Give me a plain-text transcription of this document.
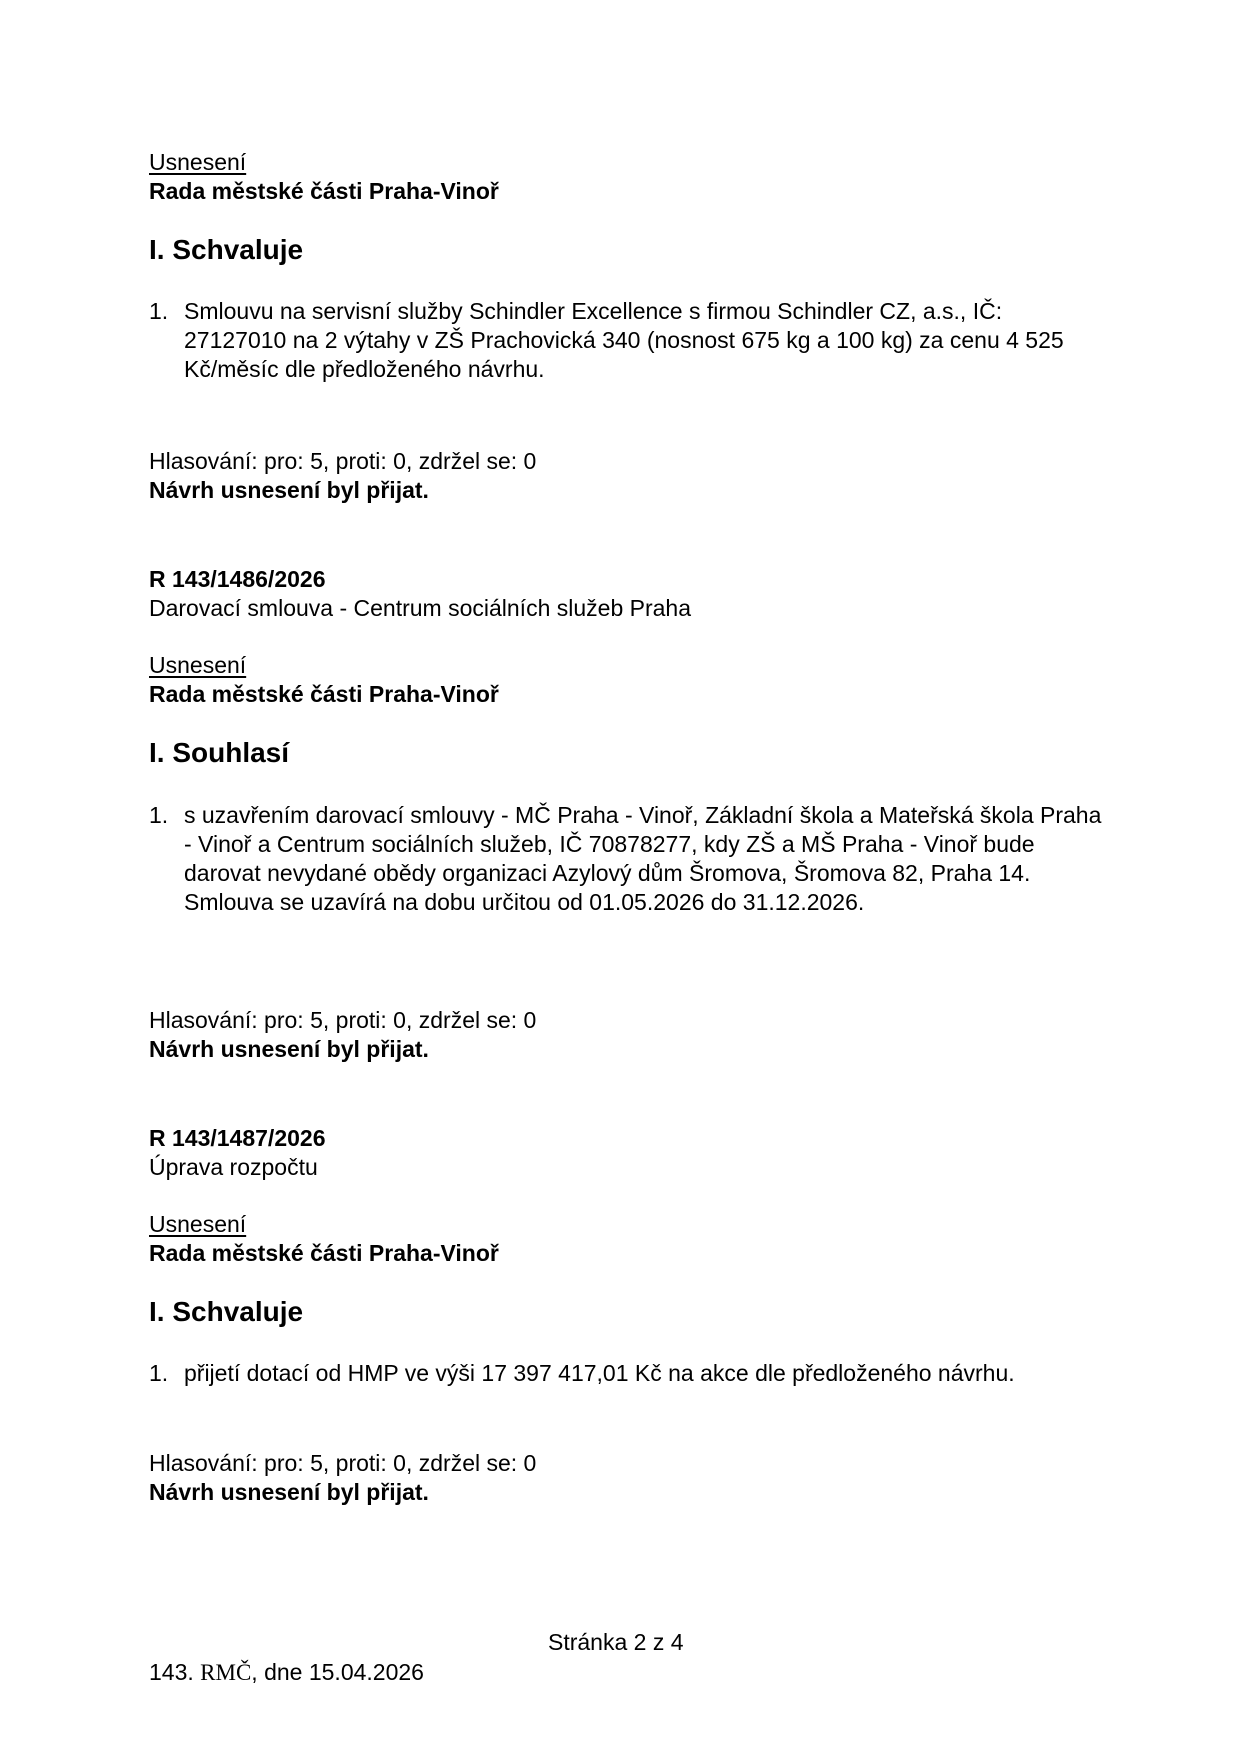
Usnesení
Rada městské části Praha-Vinoř
I. Schvaluje
1. Smlouvu na servisní služby Schindler Excellence s firmou Schindler CZ, a.s., IČ: 27127010 na 2 výtahy v ZŠ Prachovická 340 (nosnost 675 kg a 100 kg) za cenu 4 525 Kč/měsíc dle předloženého návrhu.
Hlasování: pro: 5, proti: 0, zdržel se: 0
Návrh usnesení byl přijat.
R 143/1486/2026
Darovací smlouva - Centrum sociálních služeb Praha
Usnesení
Rada městské části Praha-Vinoř
I. Souhlasí
1. s uzavřením darovací smlouvy - MČ Praha - Vinoř, Základní škola a Mateřská škola Praha - Vinoř a Centrum sociálních služeb, IČ 70878277, kdy ZŠ a MŠ Praha - Vinoř bude darovat nevydané obědy organizaci Azylový dům Šromova, Šromova 82, Praha 14. Smlouva se uzavírá na dobu určitou od 01.05.2026 do 31.12.2026.
Hlasování: pro: 5, proti: 0, zdržel se: 0
Návrh usnesení byl přijat.
R 143/1487/2026
Úprava rozpočtu
Usnesení
Rada městské části Praha-Vinoř
I. Schvaluje
1. přijetí dotací od HMP ve výši 17 397 417,01 Kč na akce dle předloženého návrhu.
Hlasování: pro: 5, proti: 0, zdržel se: 0
Návrh usnesení byl přijat.
Stránka 2 z 4
143. RMČ, dne 15.04.2026
